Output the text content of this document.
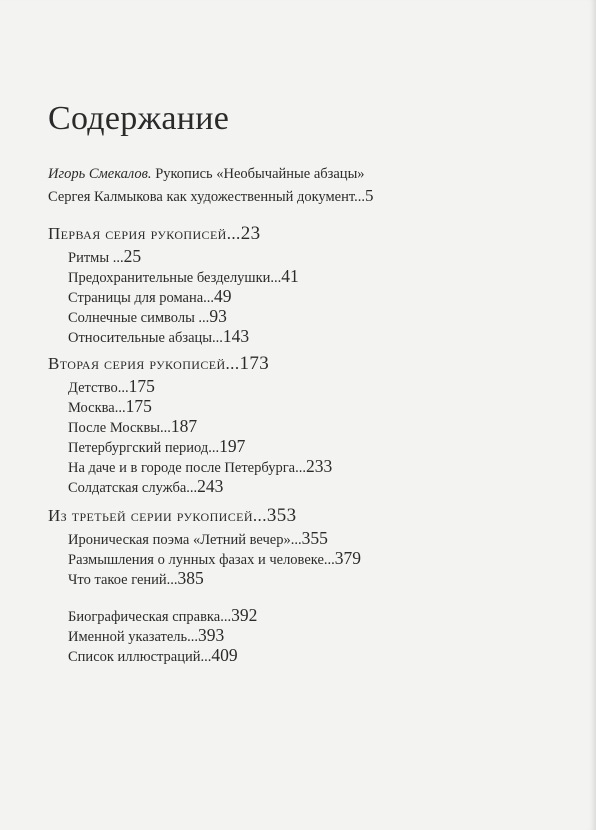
Содержание
Игорь Смекалов. Рукопись «Необычайные абзацы»
Сергея Калмыкова как художественный документ...5
Первая серия рукописей...23
Ритмы ...25
Предохранительные безделушки...41
Страницы для романа...49
Солнечные символы ...93
Относительные абзацы...143
Вторая серия рукописей...173
Детство...175
Москва...175
После Москвы...187
Петербургский период...197
На даче и в городе после Петербурга...233
Солдатская служба...243
Из третьей серии рукописей...353
Ироническая поэма «Летний вечер»...355
Размышления о лунных фазах и человеке...379
Что такое гений...385
Биографическая справка...392
Именной указатель...393
Список иллюстраций...409
